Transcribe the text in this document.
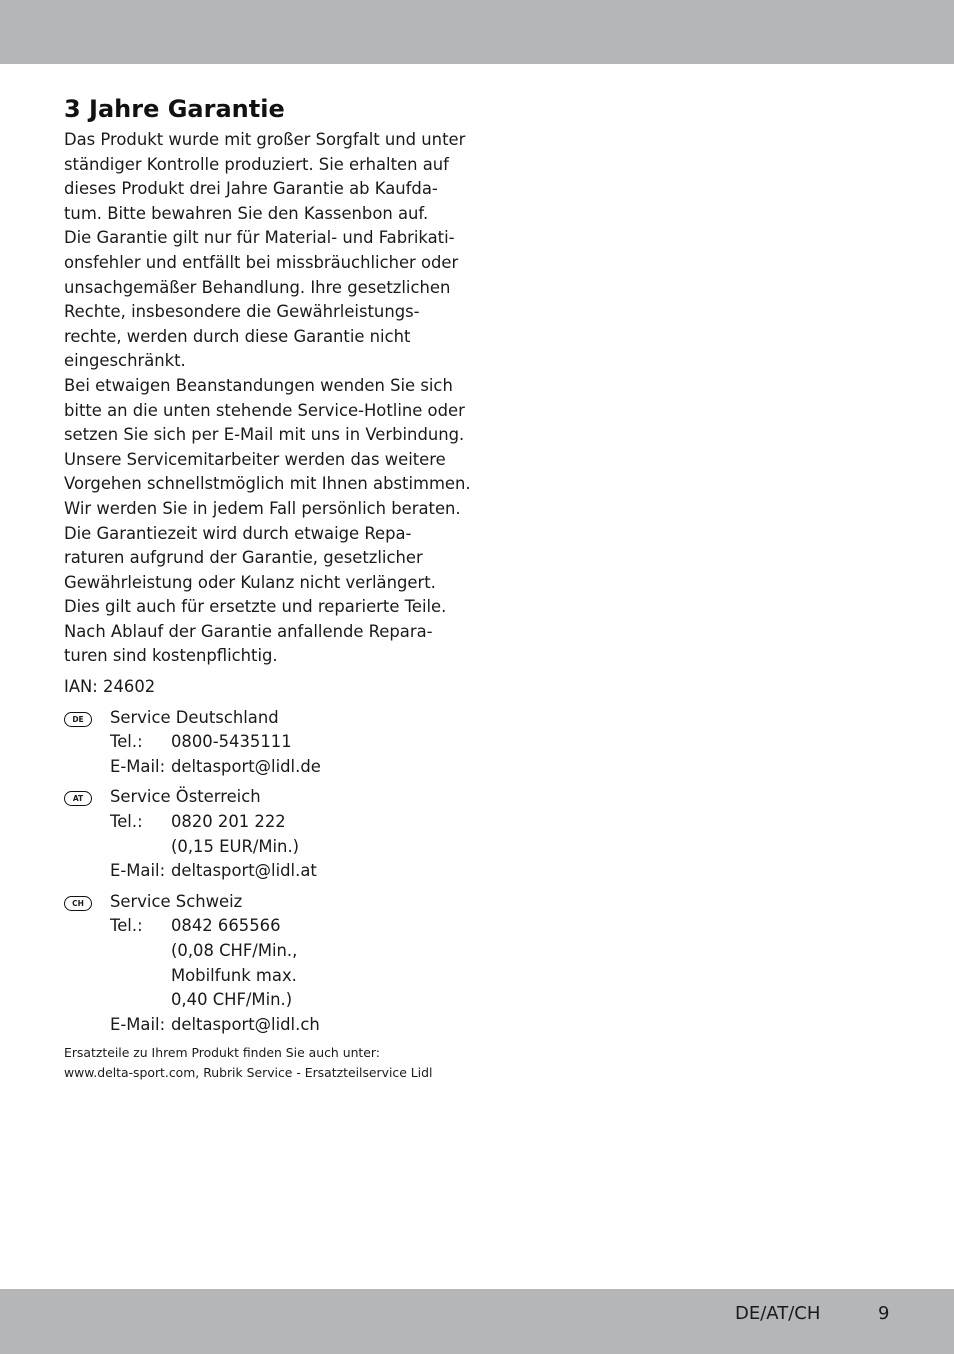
3 Jahre Garantie

Das Produkt wurde mit großer Sorgfalt und unter
ständiger Kontrolle produziert. Sie erhalten auf
dieses Produkt drei Jahre Garantie ab Kaufda-
tum. Bitte bewahren Sie den Kassenbon auf.
Die Garantie gilt nur für Material- und Fabrikati-
onsfehler und entfällt bei missbräuchlicher oder
unsachgemäßer Behandlung. Ihre gesetzlichen
Rechte, insbesondere die Gewährleistungs-
rechte, werden durch diese Garantie nicht
eingeschränkt.
Bei etwaigen Beanstandungen wenden Sie sich
bitte an die unten stehende Service-Hotline oder
setzen Sie sich per E-Mail mit uns in Verbindung.
Unsere Servicemitarbeiter werden das weitere
Vorgehen schnellstmöglich mit Ihnen abstimmen.
Wir werden Sie in jedem Fall persönlich beraten.
Die Garantiezeit wird durch etwaige Repa-
raturen aufgrund der Garantie, gesetzlicher
Gewährleistung oder Kulanz nicht verlängert.
Dies gilt auch für ersetzte und reparierte Teile.
Nach Ablauf der Garantie anfallende Repara-
turen sind kostenpflichtig.

IAN: 24602
DE	Service Deutschland
Tel.: 0800-5435111
E-Mail: deltasport@lidl.de
AT	Service Österreich
Tel.: 0820 201 222
(0,15 EUR/Min.)
E-Mail: deltasport@lidl.at
CH	Service Schweiz
Tel.: 0842 665566
(0,08 CHF/Min.,
Mobilfunk max.
0,40 CHF/Min.)
E-Mail: deltasport@lidl.ch
Ersatzteile zu Ihrem Produkt finden Sie auch unter:
www.delta-sport.com, Rubrik Service - Ersatzteilservice Lidl
DE/AT/CH	9
